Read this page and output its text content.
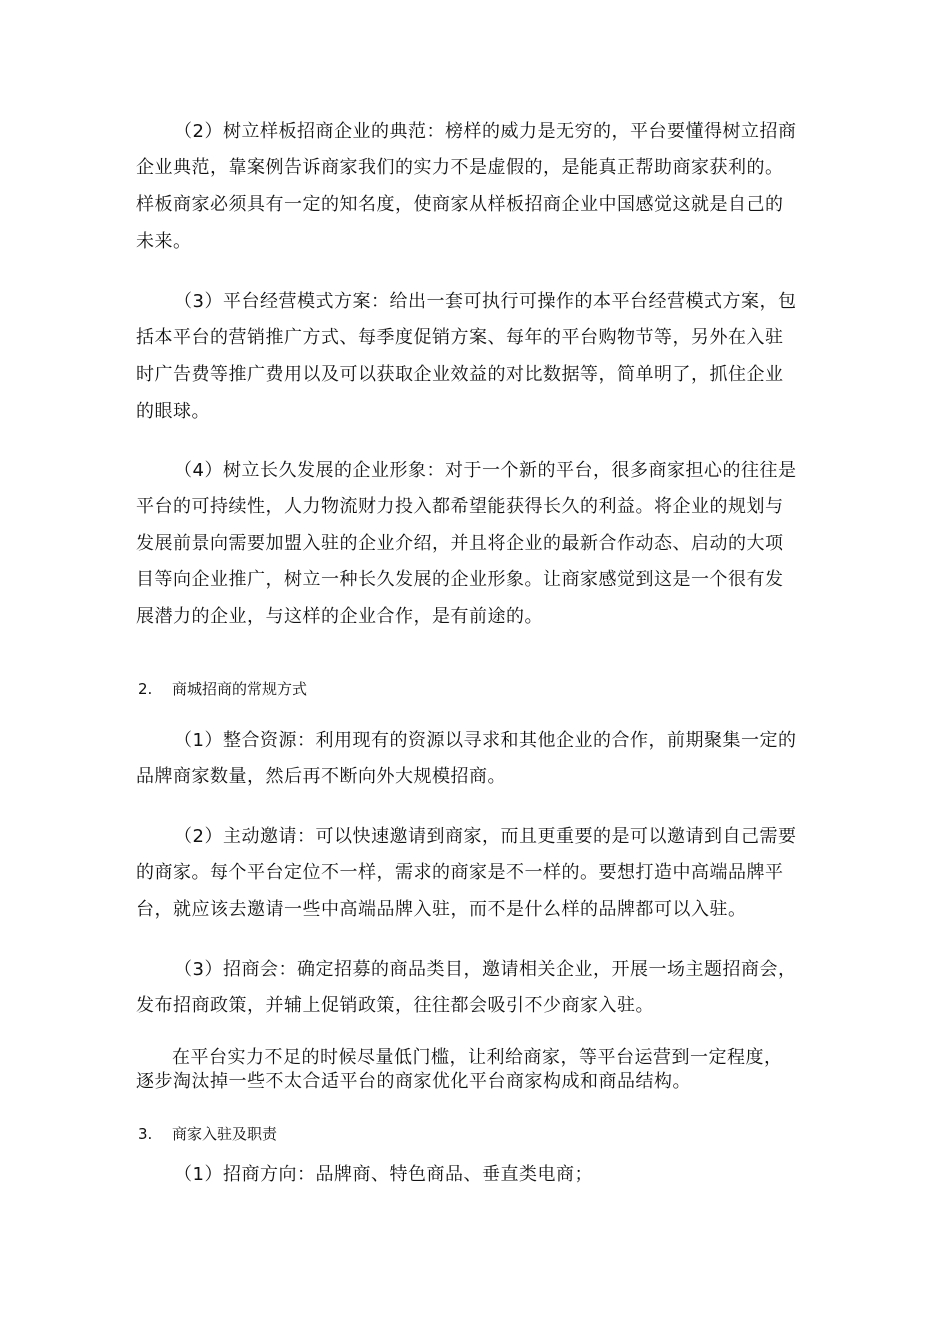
（2）树立样板招商企业的典范：榜样的威力是无穷的，平台要懂得树立招商
企业典范，靠案例告诉商家我们的实力不是虚假的，是能真正帮助商家获利的。
样板商家必须具有一定的知名度，使商家从样板招商企业中国感觉这就是自己的
未来。
（3）平台经营模式方案：给出一套可执行可操作的本平台经营模式方案，包
括本平台的营销推广方式、每季度促销方案、每年的平台购物节等，另外在入驻
时广告费等推广费用以及可以获取企业效益的对比数据等，简单明了，抓住企业
的眼球。
（4）树立长久发展的企业形象：对于一个新的平台，很多商家担心的往往是
平台的可持续性，人力物流财力投入都希望能获得长久的利益。将企业的规划与
发展前景向需要加盟入驻的企业介绍，并且将企业的最新合作动态、启动的大项
目等向企业推广，树立一种长久发展的企业形象。让商家感觉到这是一个很有发
展潜力的企业，与这样的企业合作，是有前途的。
2. 商城招商的常规方式
（1）整合资源：利用现有的资源以寻求和其他企业的合作，前期聚集一定的
品牌商家数量，然后再不断向外大规模招商。
（2）主动邀请：可以快速邀请到商家，而且更重要的是可以邀请到自己需要
的商家。每个平台定位不一样，需求的商家是不一样的。要想打造中高端品牌平
台，就应该去邀请一些中高端品牌入驻，而不是什么样的品牌都可以入驻。
（3）招商会：确定招募的商品类目，邀请相关企业，开展一场主题招商会，
发布招商政策，并辅上促销政策，往往都会吸引不少商家入驻。
在平台实力不足的时候尽量低门槛，让利给商家，等平台运营到一定程度，
逐步淘汰掉一些不太合适平台的商家优化平台商家构成和商品结构。
3. 商家入驻及职责
（1）招商方向：品牌商、特色商品、垂直类电商；
